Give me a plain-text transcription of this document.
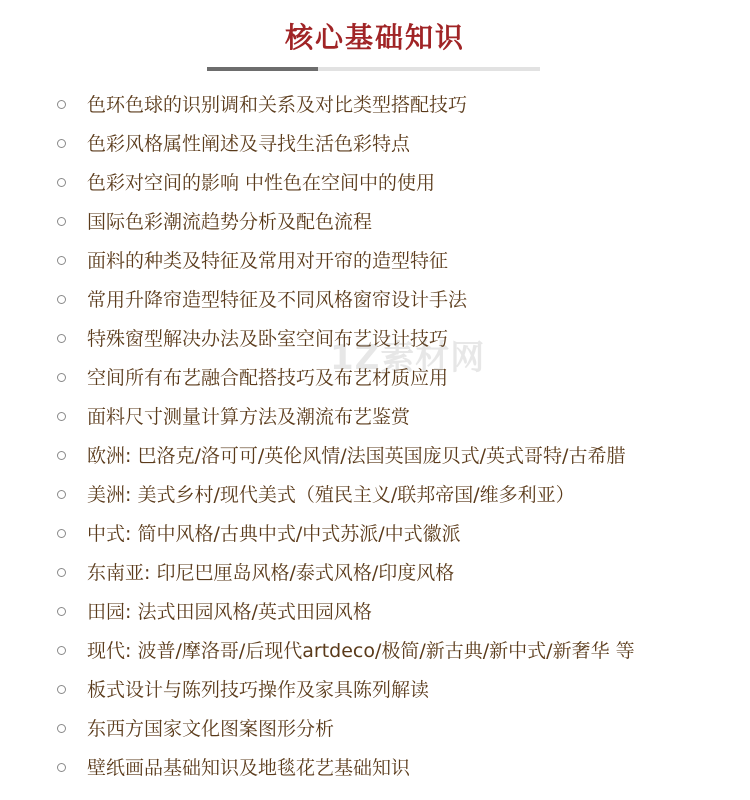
核心基础知识
色环色球的识别调和关系及对比类型搭配技巧
色彩风格属性阐述及寻找生活色彩特点
色彩对空间的影响 中性色在空间中的使用
国际色彩潮流趋势分析及配色流程
面料的种类及特征及常用对开帘的造型特征
常用升降帘造型特征及不同风格窗帘设计手法
特殊窗型解决办法及卧室空间布艺设计技巧
空间所有布艺融合配搭技巧及布艺材质应用
面料尺寸测量计算方法及潮流布艺鉴赏
欧洲: 巴洛克/洛可可/英伦风情/法国英国庞贝式/英式哥特/古希腊
美洲: 美式乡村/现代美式（殖民主义/联邦帝国/维多利亚）
中式: 简中风格/古典中式/中式苏派/中式徽派
东南亚: 印尼巴厘岛风格/泰式风格/印度风格
田园: 法式田园风格/英式田园风格
现代: 波普/摩洛哥/后现代artdeco/极简/新古典/新中式/新奢华 等
板式设计与陈列技巧操作及家具陈列解读
东西方国家文化图案图形分析
壁纸画品基础知识及地毯花艺基础知识
1Z素材网
